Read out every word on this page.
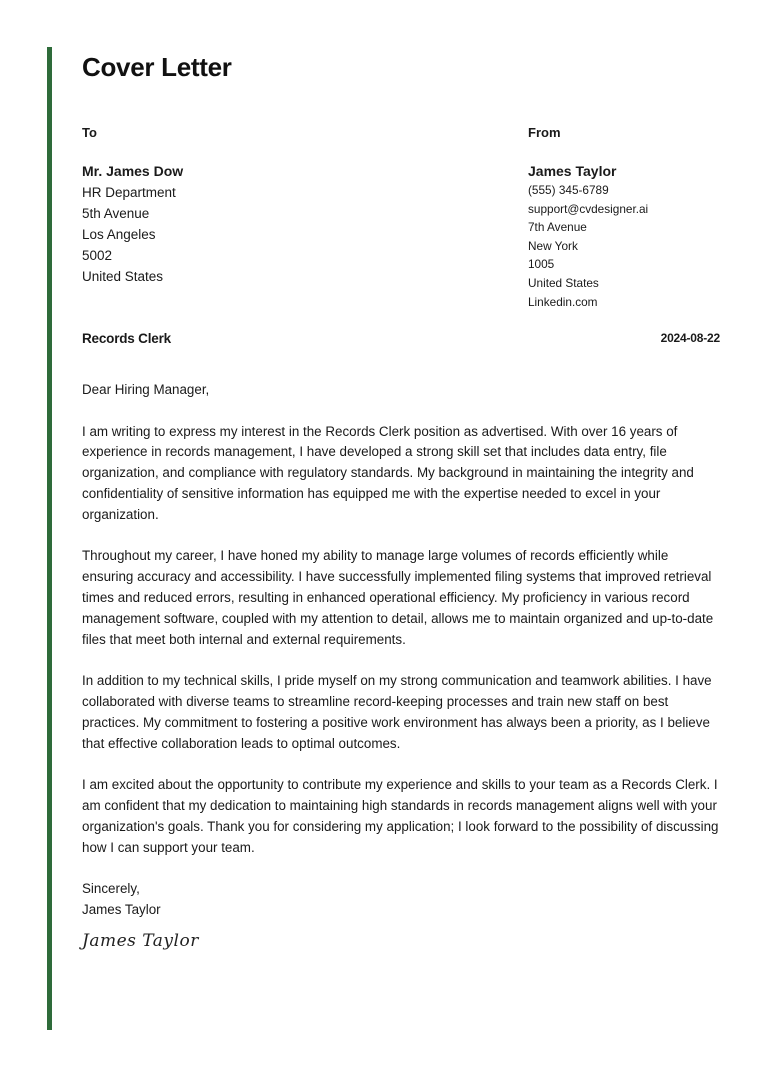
Cover Letter

To

Mr. James Dow

HR Department

5th Avenue

Los Angeles

5002

United States

From

James Taylor

(555) 345-6789

support@cvdesigner.ai

7th Avenue

New York

1005

United States

Linkedin.com

Records Clerk	2024-08-22

Dear Hiring Manager,

I am writing to express my interest in the Records Clerk position as advertised. With over 16 years of experience in records management, I have developed a strong skill set that includes data entry, file organization, and compliance with regulatory standards. My background in maintaining the integrity and confidentiality of sensitive information has equipped me with the expertise needed to excel in your organization.

Throughout my career, I have honed my ability to manage large volumes of records efficiently while ensuring accuracy and accessibility. I have successfully implemented filing systems that improved retrieval times and reduced errors, resulting in enhanced operational efficiency. My proficiency in various record management software, coupled with my attention to detail, allows me to maintain organized and up-to-date files that meet both internal and external requirements.

In addition to my technical skills, I pride myself on my strong communication and teamwork abilities. I have collaborated with diverse teams to streamline record-keeping processes and train new staff on best practices. My commitment to fostering a positive work environment has always been a priority, as I believe that effective collaboration leads to optimal outcomes.

I am excited about the opportunity to contribute my experience and skills to your team as a Records Clerk. I am confident that my dedication to maintaining high standards in records management aligns well with your organization's goals. Thank you for considering my application; I look forward to the possibility of discussing how I can support your team.

Sincerely,

James Taylor

James Taylor
